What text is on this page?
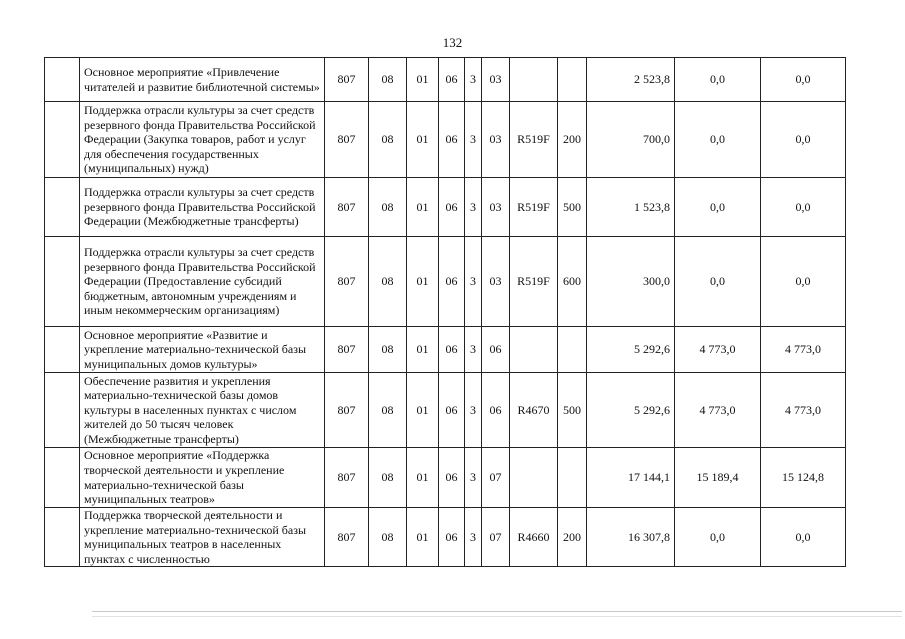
132
	Основное мероприятие «Привлечение читателей и развитие библиотечной системы»	807	08	01	06	3	03			2 523,8	0,0	0,0
	Поддержка отрасли культуры за счет средств резервного фонда Правительства Российской Федерации (Закупка товаров, работ и услуг для обеспечения государственных (муниципальных) нужд)	807	08	01	06	3	03	R519F	200	700,0	0,0	0,0
	Поддержка отрасли культуры за счет средств резервного фонда Правительства Российской Федерации (Межбюджетные трансферты)	807	08	01	06	3	03	R519F	500	1 523,8	0,0	0,0
	Поддержка отрасли культуры за счет средств резервного фонда Правительства Российской Федерации (Предоставление субсидий бюджетным, автономным учреждениям и иным некоммерческим организациям)	807	08	01	06	3	03	R519F	600	300,0	0,0	0,0
	Основное мероприятие «Развитие и укрепление материально-технической базы муниципальных домов культуры»	807	08	01	06	3	06			5 292,6	4 773,0	4 773,0
	Обеспечение развития и укрепления материально-технической базы домов культуры в населенных пунктах с числом жителей до 50 тысяч человек (Межбюджетные трансферты)	807	08	01	06	3	06	R4670	500	5 292,6	4 773,0	4 773,0
	Основное мероприятие «Поддержка творческой деятельности и укрепление материально-технической базы муниципальных театров»	807	08	01	06	3	07			17 144,1	15 189,4	15 124,8
	Поддержка творческой деятельности и укрепление материально-технической базы муниципальных театров в населенных пунктах с численностью	807	08	01	06	3	07	R4660	200	16 307,8	0,0	0,0
